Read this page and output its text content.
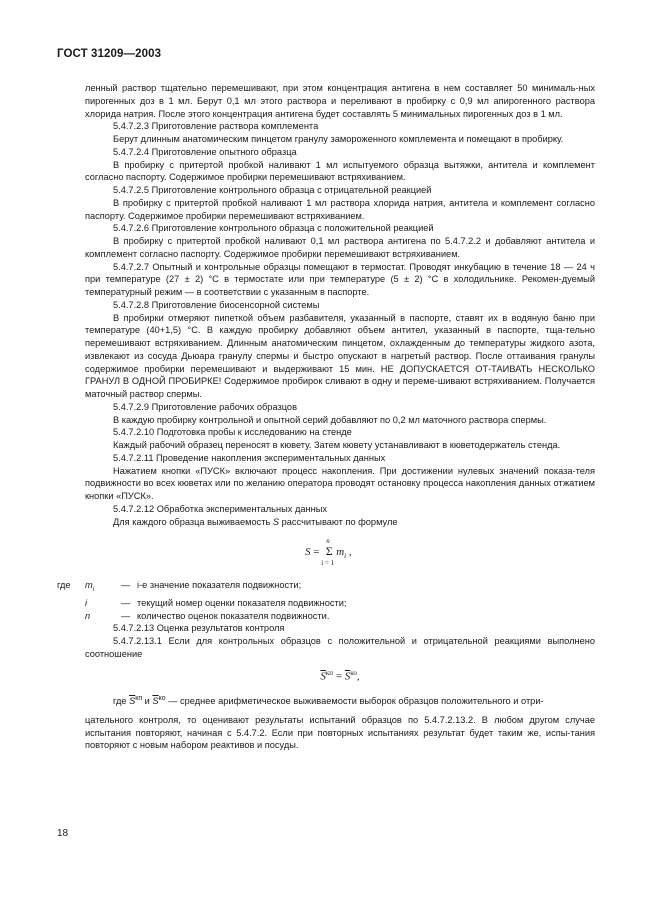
ГОСТ 31209—2003

ленный раствор тщательно перемешивают, при этом концентрация антигена в нем составляет 50 минималь-ных пирогенных доз в 1 мл. Берут 0,1 мл этого раствора и переливают в пробирку с 0,9 мл апирогенного раствора хлорида натрия. После этого концентрация антигена будет составлять 5 минимальных пирогенных доз в 1 мл.

5.4.7.2.3 Приготовление раствора комплемента

Берут длинным анатомическим пинцетом гранулу замороженного комплемента и помещают в пробирку.

5.4.7.2.4 Приготовление опытного образца

В пробирку с притертой пробкой наливают 1 мл испытуемого образца вытяжки, антитела и комплемент согласно паспорту. Содержимое пробирки перемешивают встряхиванием.

5.4.7.2.5 Приготовление контрольного образца с отрицательной реакцией

В пробирку с притертой пробкой наливают 1 мл раствора хлорида натрия, антитела и комплемент согласно паспорту. Содержимое пробирки перемешивают встряхиванием.

5.4.7.2.6 Приготовление контрольного образца с положительной реакцией

В пробирку с притертой пробкой наливают 0,1 мл раствора антигена по 5.4.7.2.2 и добавляют антитела и комплемент согласно паспорту. Содержимое пробирки перемешивают встряхиванием.

5.4.7.2.7 Опытный и контрольные образцы помещают в термостат. Проводят инкубацию в течение 18 — 24 ч при температуре (27 ± 2) °С в термостате или при температуре (5 ± 2) °С в холодильнике. Рекомен-дуемый температурный режим — в соответствии с указанным в паспорте.

5.4.7.2.8 Приготовление биосенсорной системы

В пробирки отмеряют пипеткой объем разбавителя, указанный в паспорте, ставят их в водяную баню при температуре (40+1,5) °С. В каждую пробирку добавляют объем антител, указанный в паспорте, тща-тельно перемешивают встряхиванием. Длинным анатомическим пинцетом, охлажденным до температуры жидкого азота, извлекают из сосуда Дьюара гранулу спермы и быстро опускают в нагретый раствор. После оттаивания гранулы содержимое пробирки перемешивают и выдерживают 15 мин. НЕ ДОПУСКАЕТСЯ ОТ-ТАИВАТЬ НЕСКОЛЬКО ГРАНУЛ В ОДНОЙ ПРОБИРКЕ! Содержимое пробирок сливают в одну и переме-шивают встряхиванием. Получается маточный раствор спермы.

5.4.7.2.9 Приготовление рабочих образцов

В каждую пробирку контрольной и опытной серий добавляют по 0,2 мл маточного раствора спермы.

5.4.7.2.10 Подготовка пробы к исследованию на стенде

Каждый рабочий образец переносят в кювету. Затем кювету устанавливают в кюветодержатель стенда.

5.4.7.2.11 Проведение накопления экспериментальных данных

Нажатием кнопки «ПУСК» включают процесс накопления. При достижении нулевых значений показа-теля подвижности во всех кюветах или по желанию оператора проводят остановку процесса накопления данных отжатием кнопки «ПУСК».

5.4.7.2.12 Обработка экспериментальных данных

Для каждого образца выживаемость S рассчитывают по формуле

S = Σ
n
i = 1
$m_i$ ,
где	$m_i$	— i-е значение показателя подвижности;
i	— текущий номер оценки показателя подвижности;
n	— количество оценок показателя подвижности.

5.4.7.2.13 Оценка результатов контроля

5.4.7.2.13.1 Если для контрольных образцов с положительной и отрицательной реакциями выполнено соотношение

$\overline{S}^{кп} = \overline{S}^{ко}$,

где $\overline{S}^{кп}$ и $\overline{S}^{ко}$ — среднее арифметическое выживаемости выборок образцов положительного и отри-

цательного контроля, то оценивают результаты испытаний образцов по 5.4.7.2.13.2. В любом другом случае испытания повторяют, начиная с 5.4.7.2. Если при повторных испытаниях результат будет таким же, испы-тания повторяют с новым набором реактивов и посуды.

18
